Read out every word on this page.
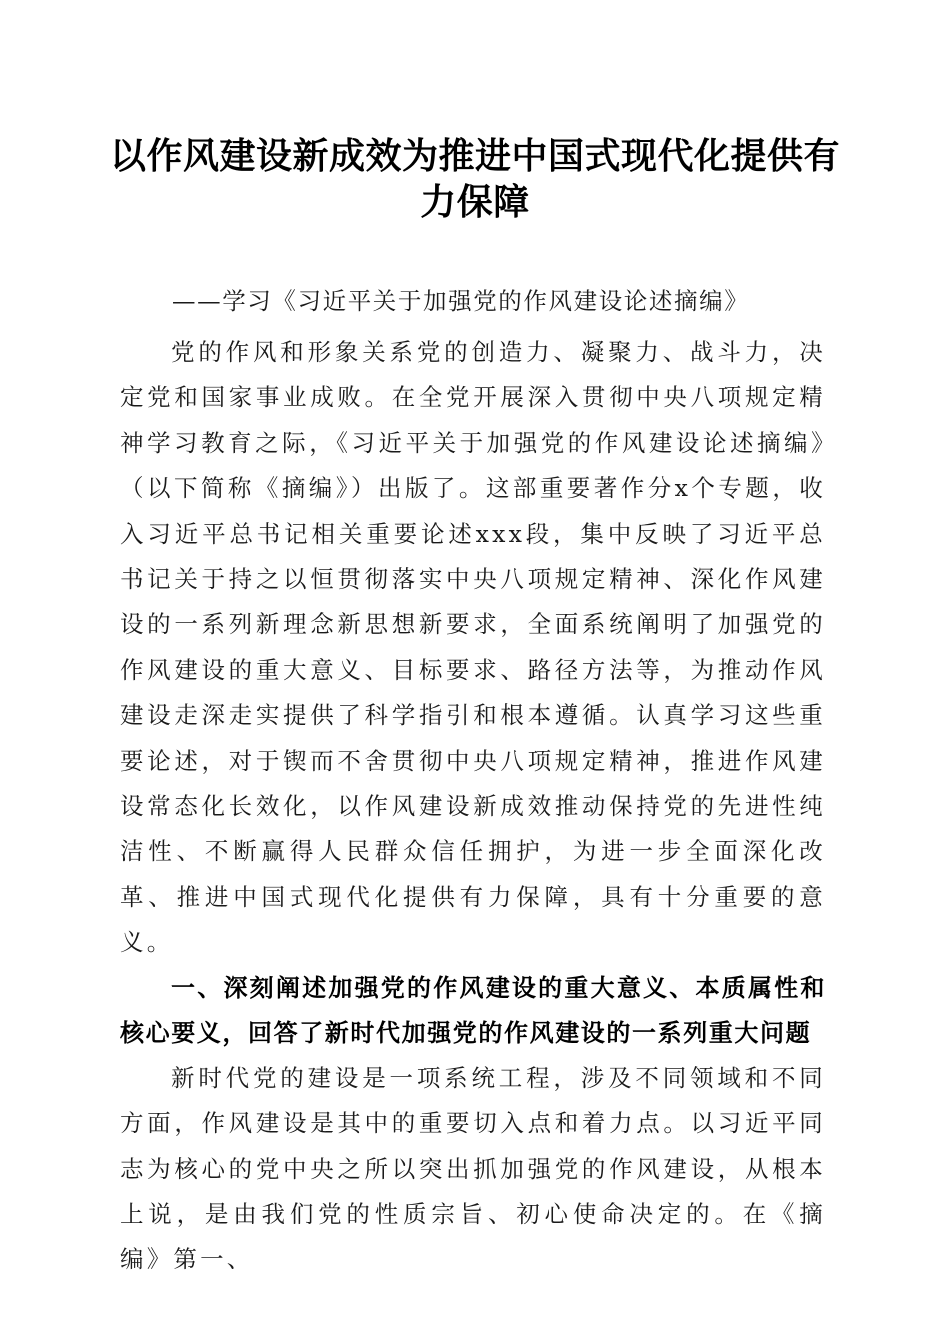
以作风建设新成效为推进中国式现代化提供有力保障

——学习《习近平关于加强党的作风建设论述摘编》

党的作风和形象关系党的创造力、凝聚力、战斗力，决定党和国家事业成败。在全党开展深入贯彻中央八项规定精神学习教育之际，《习近平关于加强党的作风建设论述摘编》（以下简称《摘编》）出版了。这部重要著作分x个专题，收入习近平总书记相关重要论述xxx段，集中反映了习近平总书记关于持之以恒贯彻落实中央八项规定精神、深化作风建设的一系列新理念新思想新要求，全面系统阐明了加强党的作风建设的重大意义、目标要求、路径方法等，为推动作风建设走深走实提供了科学指引和根本遵循。认真学习这些重要论述，对于锲而不舍贯彻中央八项规定精神，推进作风建设常态化长效化，以作风建设新成效推动保持党的先进性纯洁性、不断赢得人民群众信任拥护，为进一步全面深化改革、推进中国式现代化提供有力保障，具有十分重要的意义。

一、深刻阐述加强党的作风建设的重大意义、本质属性和核心要义，回答了新时代加强党的作风建设的一系列重大问题

新时代党的建设是一项系统工程，涉及不同领域和不同方面，作风建设是其中的重要切入点和着力点。以习近平同志为核心的党中央之所以突出抓加强党的作风建设，从根本上说，是由我们党的性质宗旨、初心使命决定的。在《摘编》第一、
